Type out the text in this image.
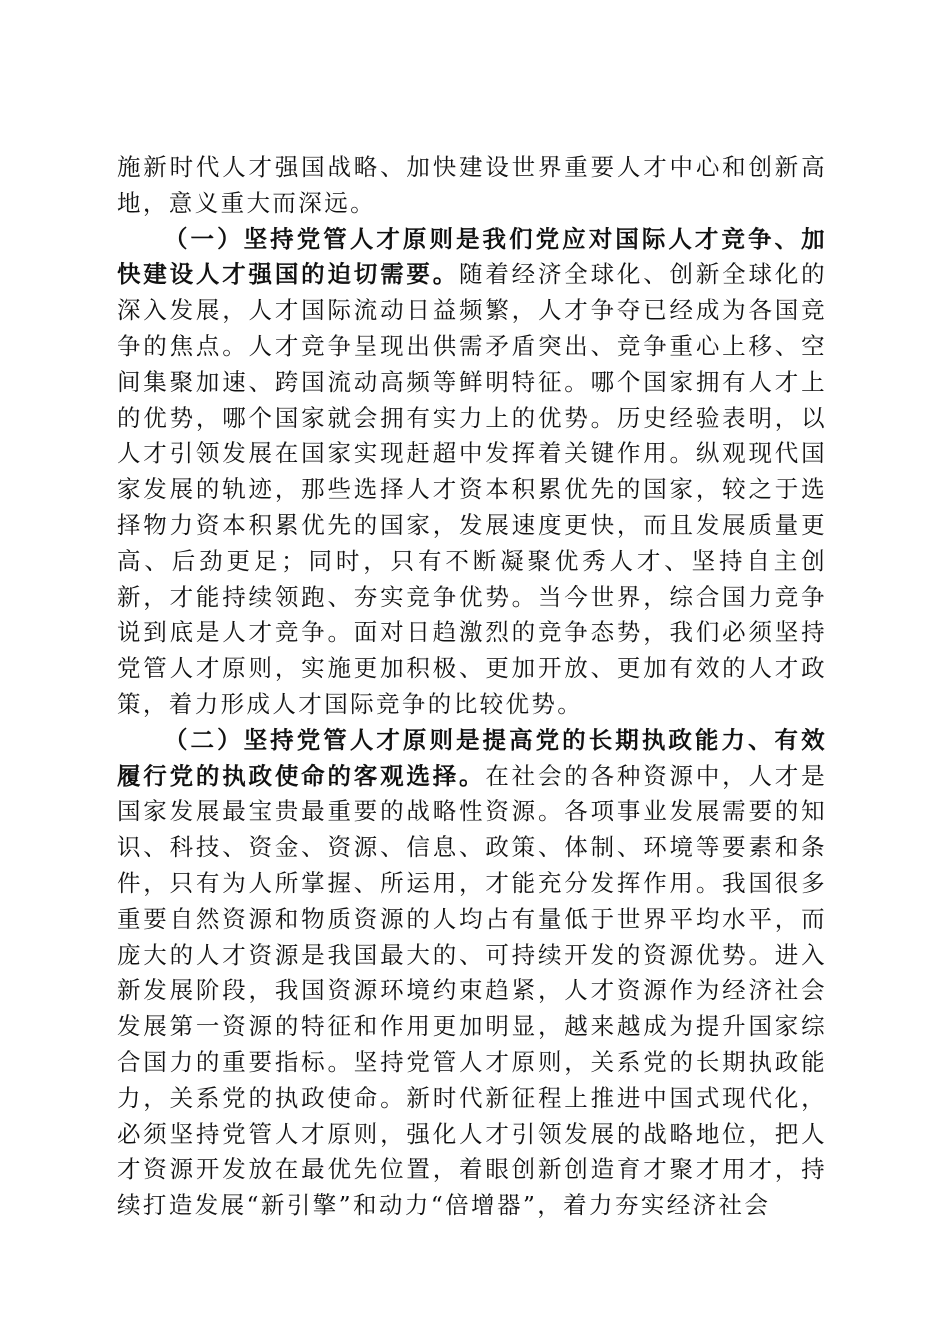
施新时代人才强国战略、加快建设世界重要人才中心和创新高地，意义重大而深远。

（一）坚持党管人才原则是我们党应对国际人才竞争、加快建设人才强国的迫切需要。随着经济全球化、创新全球化的深入发展，人才国际流动日益频繁，人才争夺已经成为各国竞争的焦点。人才竞争呈现出供需矛盾突出、竞争重心上移、空间集聚加速、跨国流动高频等鲜明特征。哪个国家拥有人才上的优势，哪个国家就会拥有实力上的优势。历史经验表明，以人才引领发展在国家实现赶超中发挥着关键作用。纵观现代国家发展的轨迹，那些选择人才资本积累优先的国家，较之于选择物力资本积累优先的国家，发展速度更快，而且发展质量更高、后劲更足；同时，只有不断凝聚优秀人才、坚持自主创新，才能持续领跑、夯实竞争优势。当今世界，综合国力竞争说到底是人才竞争。面对日趋激烈的竞争态势，我们必须坚持党管人才原则，实施更加积极、更加开放、更加有效的人才政策，着力形成人才国际竞争的比较优势。

（二）坚持党管人才原则是提高党的长期执政能力、有效履行党的执政使命的客观选择。在社会的各种资源中，人才是国家发展最宝贵最重要的战略性资源。各项事业发展需要的知识、科技、资金、资源、信息、政策、体制、环境等要素和条件，只有为人所掌握、所运用，才能充分发挥作用。我国很多重要自然资源和物质资源的人均占有量低于世界平均水平，而庞大的人才资源是我国最大的、可持续开发的资源优势。进入新发展阶段，我国资源环境约束趋紧，人才资源作为经济社会发展第一资源的特征和作用更加明显，越来越成为提升国家综合国力的重要指标。坚持党管人才原则，关系党的长期执政能力，关系党的执政使命。新时代新征程上推进中国式现代化，必须坚持党管人才原则，强化人才引领发展的战略地位，把人才资源开发放在最优先位置，着眼创新创造育才聚才用才，持续打造发展“新引擎”和动力“倍增器”，着力夯实经济社会
